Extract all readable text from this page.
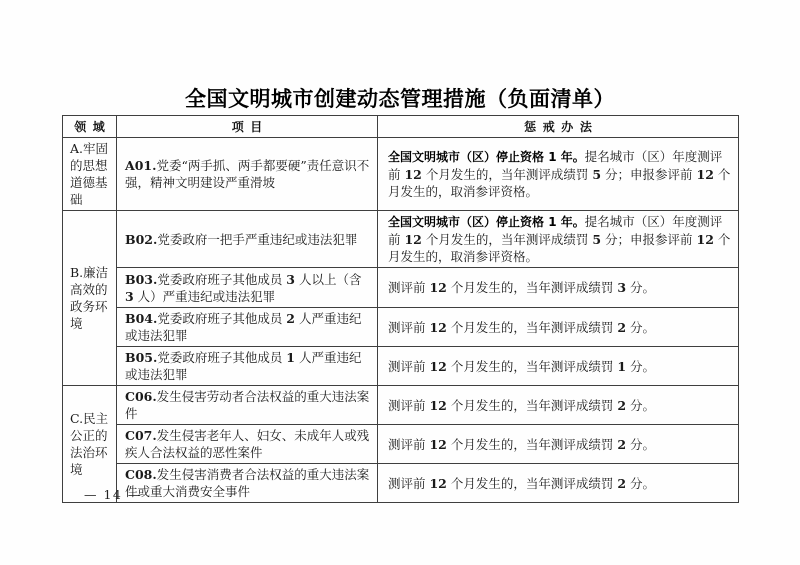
全国文明城市创建动态管理措施（负面清单）
领域	项目	惩戒办法
A.牢固的思想道德基础	A01.党委“两手抓、两手都要硬”责任意识不强，精神文明建设严重滑坡	全国文明城市（区）停止资格 1 年。提名城市（区）年度测评前 12 个月发生的，当年测评成绩罚 5 分；申报参评前 12 个月发生的，取消参评资格。
B.廉洁高效的政务环境	B02.党委政府一把手严重违纪或违法犯罪	全国文明城市（区）停止资格 1 年。提名城市（区）年度测评前 12 个月发生的，当年测评成绩罚 5 分；申报参评前 12 个月发生的，取消参评资格。
	B03.党委政府班子其他成员 3 人以上（含 3 人）严重违纪或违法犯罪	测评前 12 个月发生的，当年测评成绩罚 3 分。
	B04.党委政府班子其他成员 2 人严重违纪或违法犯罪	测评前 12 个月发生的，当年测评成绩罚 2 分。
	B05.党委政府班子其他成员 1 人严重违纪或违法犯罪	测评前 12 个月发生的，当年测评成绩罚 1 分。
C.民主公正的法治环境	C06.发生侵害劳动者合法权益的重大违法案件	测评前 12 个月发生的，当年测评成绩罚 2 分。
	C07.发生侵害老年人、妇女、未成年人或残疾人合法权益的恶性案件	测评前 12 个月发生的，当年测评成绩罚 2 分。
	C08.发生侵害消费者合法权益的重大违法案件或重大消费安全事件	测评前 12 个月发生的，当年测评成绩罚 2 分。
— 14 —
